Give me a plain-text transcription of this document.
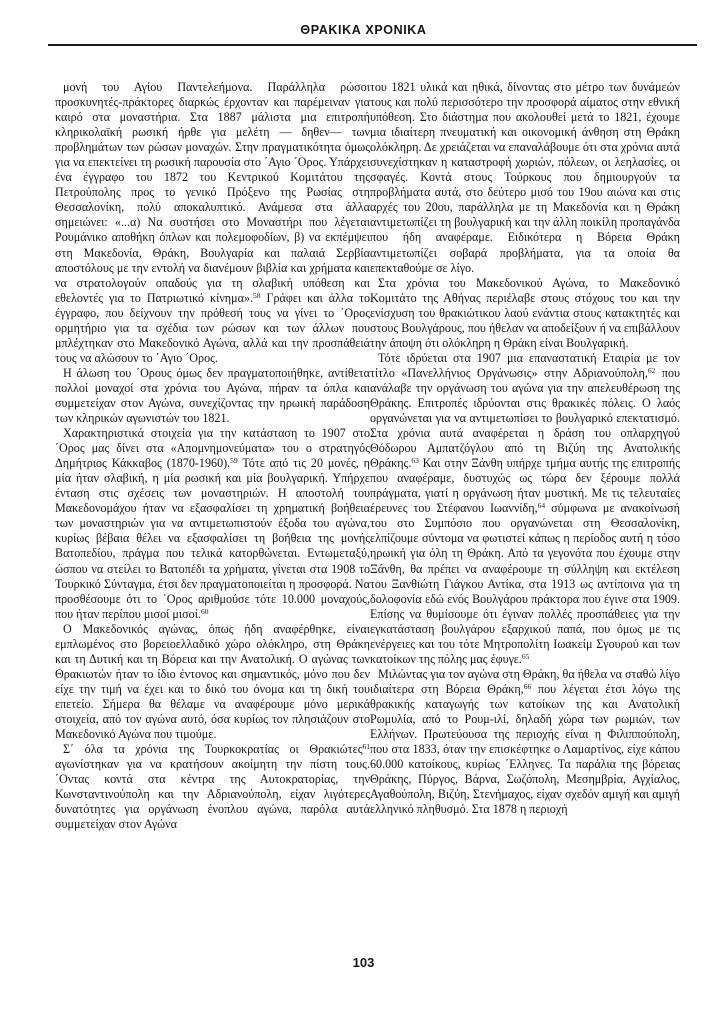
ΘΡΑΚΙΚΑ ΧΡΟΝΙΚΑ

μονή του Αγίου Παντελεήμονα. Παράλληλα ρώσοι προσκυνητές-πράκτορες διαρκώς έρχονταν και παρέμειναν για καιρό στα μοναστήρια. Στα 1887 μάλιστα μια επιτροπή κληρικολαϊκή ρωσική ήρθε για μελέτη — δηθεν— των προβλημάτων των ρώσων μοναχών. Στην πραγματικότητα όμως για να επεκτείνει τη ρωσική παρουσία στο ΄Αγιο ΄Ορος. Υπάρχει ένα έγγραφο του 1872 του Κεντρικού Κομιτάτου της Πετρούπολης προς το γενικό Πρόξενο της Ρωσίας στη Θεσσαλονίκη, πολύ αποκαλυπτικό. Ανάμεσα στα άλλα σημειώνει: «...α) Να συστήσει στο Μοναστήρι που λέγεται Ρουμάνικο αποθήκη όπλων και πολεμοφοδίων, β) να εκπέμψει στη Μακεδονία, Θράκη, Βουλγαρία και παλαιά Σερβία αποστόλους με την εντολή να διανέμουν βιβλία και χρήματα και να στρατολογούν οπαδούς για τη σλαβική υπόθεση και εθελοντές για το Πατριωτικό κίνημα».$^{58}$ Γράφει και άλλα το έγγραφο, που δείχνουν την πρόθεσή τους να γίνει το ΄Ορος ορμητήριο για τα σχέδια των ρώσων και των άλλων που μπλέχτηκαν στο Μακεδονικό Αγώνα, αλλά και την προσπάθειά τους να αλώσουν το ΄Αγιο ΄Ορος.

Η άλωση του ΄Ορους όμως δεν πραγματοποιήθηκε, αντίθετα πολλοί μοναχοί στα χρόνια του Αγώνα, πήραν τα όπλα και συμμετείχαν στον Αγώνα, συνεχίζοντας την ηρωική παράδοση των κληρικών αγωνιστών του 1821.

Χαρακτηριστικά στοιχεία για την κατάσταση το 1907 στο ΄Ορος μας δίνει στα «Απομνημονεύματα» του ο στρατηγός Δημήτριος Κάκκαβος (1870-1960).$^{59}$ Τότε από τις 20 μονές, η μία ήταν σλαβική, η μία ρωσική και μία βουλγαρική. Υπήρχε ένταση στις σχέσεις των μοναστηριών. Η αποστολή του Μακεδονομάχου ήταν να εξασφαλίσει τη χρηματική βοήθεια των μοναστηριών για να αντιμετωπιστούν έξοδα του αγώνα, κυρίως βέβαια θέλει να εξασφαλίσει τη βοήθεια της μονής Βατοπεδίου, πράγμα που τελικά κατορθώνεται. Εντωμεταξύ, ώσπου να στείλει το Βατοπέδι τα χρήματα, γίνεται στα 1908 το Τουρκικό Σύνταγμα, έτσι δεν πραγματοποιείται η προσφορά. Να προσθέσουμε ότι το ΄Ορος αριθμούσε τότε 10.000 μοναχούς, που ήταν περίπου μισοί μισοί.$^{60}$

Ο Μακεδονικός αγώνας, όπως ήδη αναφέρθηκε, είναι εμπλωμένος στο βορειοελλαδικό χώρο ολόκληρο, στη Θράκη και τη Δυτική και τη Βόρεια και την Ανατολική. Ο αγώνας των Θρακιωτών ήταν το ίδιο έντονος και σημαντικός, μόνο που δεν είχε την τιμή να έχει και το δικό του όνομα και τη δική του επετείο. Σήμερα θα θέλαμε να αναφέρουμε μόνο μερικά στοιχεία, από τον αγώνα αυτό, όσα κυρίως τον πλησιάζουν στο Μακεδονικό Αγώνα που τιμούμε.

Σ΄ όλα τα χρόνια της Τουρκοκρατίας οι Θρακιώτες$^{61}$ αγωνίστηκαν για να κρατήσουν ακοίμητη την πίστη τους. ΄Οντας κοντά στα κέντρα της Αυτοκρατορίας, την Κωνσταντινούπολη και την Αδριανούπολη, είχαν λιγότερες δυνατότητες για οργάνωση ένοπλου αγώνα, παρόλα αυτά συμμετείχαν στον Αγώνα

του 1821 υλικά και ηθικά, δίνοντας στο μέτρο των δυνάμεών τους και πολύ περισσότερο την προσφορά αίματος στην εθνική υπόθεση. Στο διάστημα που ακολουθεί μετά το 1821, έχουμε μια ιδιαίτερη πνευματική και οικονομική άνθηση στη Θράκη ολόκληρη. Δε χρειάζεται να επαναλάβουμε ότι στα χρόνια αυτά συνεχίστηκαν η καταστροφή χωριών, πόλεων, οι λεηλασίες, οι σφαγές. Κοντά στους Τούρκους που δημιουργούν τα προβλήματα αυτά, στο δεύτερο μισό του 19ου αιώνα και στις αρχές του 20ου, παράλληλα με τη Μακεδονία και η Θράκη αντιμετωπίζει τη βουλγαρική και την άλλη ποικίλη προπαγάνδα που ήδη αναφέραμε. Ειδικότερα η Βόρεια Θράκη αντιμετωπίζει σοβαρά προβλήματα, για τα οποία θα επεκταθούμε σε λίγο.

Στα χρόνια του Μακεδονικού Αγώνα, το Μακεδονικό Κομιτάτο της Αθήνας περιέλαβε στους στόχους του και την ενίσχυση του θρακιώτικου λαού ενάντια στους κατακτητές και στους Βουλγάρους, που ήθελαν να αποδείξουν ή να επιβάλλουν την άποψη ότι ολόκληρη η Θράκη είναι Βουλγαρική.

Τότε ιδρύεται στα 1907 μια επαναστατική Εταιρία με τον τίτλο «Πανελλήνιος Οργάνωσις» στην Αδριανούπολη,$^{62}$ που ανάλαβε την οργάνωση του αγώνα για την απελευθέρωση της Θράκης. Επιτροπές ιδρύονται στις θρακικές πόλεις. Ο λαός οργανώνεται για να αντιμετωπίσει το βουλγαρικό επεκτατισμό. Στα χρόνια αυτά αναφέρεται η δράση του οπλαρχηγού Θόδωρου Αμπατζόγλου από τη Βιζύη της Ανατολικής Θράκης.$^{63}$ Και στην Ξάνθη υπήρχε τμήμα αυτής της επιτροπής που αναφέραμε, δυστυχώς ως τώρα δεν ξέρουμε πολλά πράγματα, γιατί η οργάνωση ήταν μυστική. Με τις τελευταίες έρευνες του Στέφανου Ιωαννίδη,$^{64}$ σύμφωνα με ανακοίνωσή του στο Συμπόσιο που οργανώνεται στη Θεσσαλονίκη, ελπίζουμε σύντομα να φωτιστεί κάπως η περίοδος αυτή η τόσο ηρωική για όλη τη Θράκη. Από τα γεγονότα που έχουμε στην Ξάνθη, θα πρέπει να αναφέρουμε τη σύλληψη και εκτέλεση του Ξανθιώτη Γιάγκου Αντίκα, στα 1913 ως αντίποινα για τη δολοφονία εδώ ενός Βουλγάρου πράκτορα που έγινε στα 1909. Επίσης να θυμίσουμε ότι έγιναν πολλές προσπάθειες για την εγκατάσταση βουλγάρου εξαρχικού παπά, που όμως με τις ενέργειες και του τότε Μητροπολίτη Ιωακείμ Σγουρού και των κατοίκων της πόλης μας έφυγε.$^{65}$

Μιλώντας για τον αγώνα στη Θράκη, θα ήθελα να σταθώ λίγο ιδιαίτερα στη Βόρεια Θράκη,$^{66}$ που λέγεται έτσι λόγω της θρακικής καταγωγής των κατοίκων της και Ανατολική Ρωμυλία, από το Ρουμ-ιλί, δηλαδή χώρα των ρωμιών, των Ελλήνων. Πρωτεύουσα της περιοχής είναι η Φιλιππούπολη, που στα 1833, όταν την επισκέφτηκε ο Λαμαρτίνος, είχε κάπου 60.000 κατοίκους, κυρίως ΄Ελληνες. Τα παράλια της βόρειας Θράκης, Πύργος, Βάρνα, Σωζόπολη, Μεσημβρία, Αγχίαλος, Αγαθούπολη, Βιζύη, Στενήμαχος, είχαν σχεδόν αμιγή και αμιγή ελληνικό πληθυσμό. Στα 1878 η περιοχή

103
